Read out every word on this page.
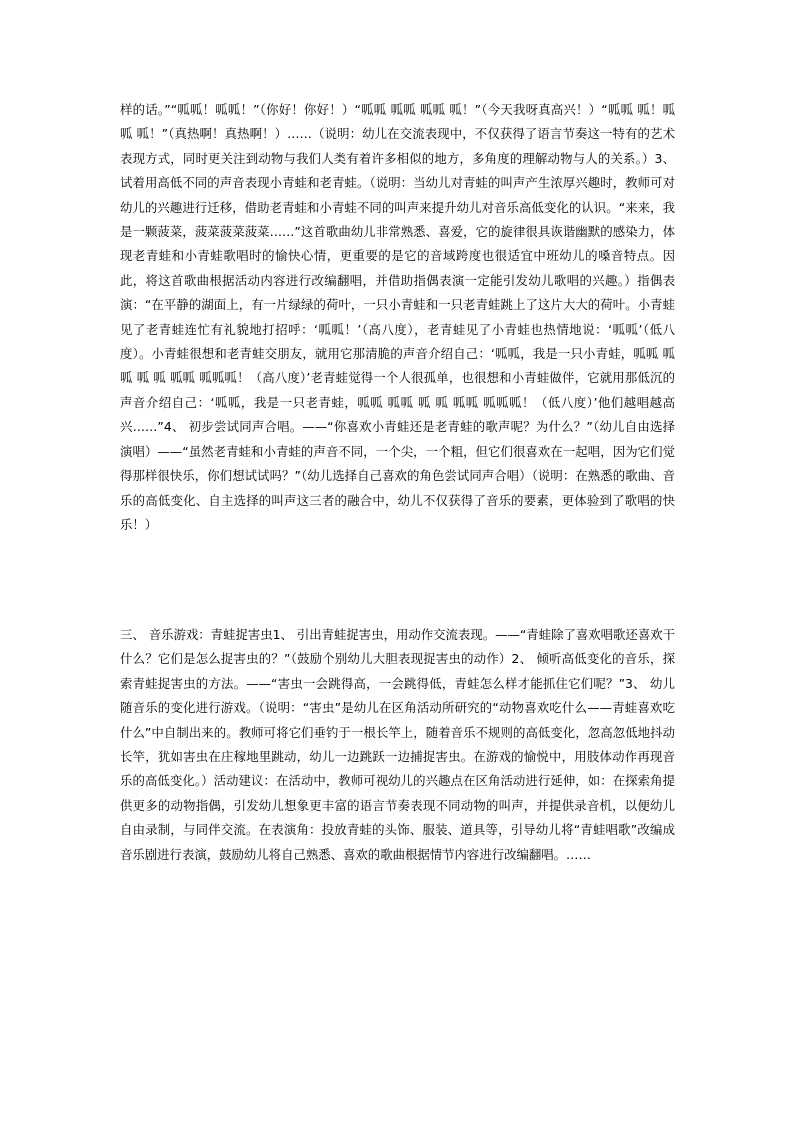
样的话。”“呱呱！呱呱！”（你好！你好！）“呱呱 呱呱 呱呱 呱！”（今天我呀真高兴！）“呱呱 呱！呱呱 呱！”（真热啊！真热啊！）……（说明：幼儿在交流表现中，不仅获得了语言节奏这一特有的艺术表现方式，同时更关注到动物与我们人类有着许多相似的地方，多角度的理解动物与人的关系。）3、 试着用高低不同的声音表现小青蛙和老青蛙。（说明：当幼儿对青蛙的叫声产生浓厚兴趣时，教师可对幼儿的兴趣进行迁移，借助老青蛙和小青蛙不同的叫声来提升幼儿对音乐高低变化的认识。“来来，我是一颗菠菜，菠菜菠菜菠菜……”这首歌曲幼儿非常熟悉、喜爱，它的旋律很具诙谐幽默的感染力，体现老青蛙和小青蛙歌唱时的愉快心情，更重要的是它的音域跨度也很适宜中班幼儿的嗓音特点。因此，将这首歌曲根据活动内容进行改编翻唱，并借助指偶表演一定能引发幼儿歌唱的兴趣。）指偶表演：“在平静的湖面上，有一片绿绿的荷叶，一只小青蛙和一只老青蛙跳上了这片大大的荷叶。小青蛙见了老青蛙连忙有礼貌地打招呼：‘呱呱！’（高八度），老青蛙见了小青蛙也热情地说：‘呱呱’（低八度）。小青蛙很想和老青蛙交朋友，就用它那清脆的声音介绍自己：‘呱呱，我是一只小青蛙，呱呱 呱呱 呱 呱 呱呱 呱呱呱！（高八度）’老青蛙觉得一个人很孤单，也很想和小青蛙做伴，它就用那低沉的声音介绍自己：‘呱呱，我是一只老青蛙，呱呱 呱呱 呱 呱 呱呱 呱呱呱！（低八度）’他们越唱越高兴……”4、 初步尝试同声合唱。——“你喜欢小青蛙还是老青蛙的歌声呢？为什么？”（幼儿自由选择演唱）——“虽然老青蛙和小青蛙的声音不同，一个尖，一个粗，但它们很喜欢在一起唱，因为它们觉得那样很快乐，你们想试试吗？”（幼儿选择自己喜欢的角色尝试同声合唱）（说明：在熟悉的歌曲、音乐的高低变化、自主选择的叫声这三者的融合中，幼儿不仅获得了音乐的要素，更体验到了歌唱的快乐！）

三、 音乐游戏：青蛙捉害虫1、 引出青蛙捉害虫，用动作交流表现。——“青蛙除了喜欢唱歌还喜欢干什么？它们是怎么捉害虫的？”（鼓励个别幼儿大胆表现捉害虫的动作）2、 倾听高低变化的音乐，探索青蛙捉害虫的方法。——“害虫一会跳得高，一会跳得低，青蛙怎么样才能抓住它们呢？”3、 幼儿随音乐的变化进行游戏。（说明：“害虫”是幼儿在区角活动所研究的“动物喜欢吃什么——青蛙喜欢吃什么”中自制出来的。教师可将它们垂钓于一根长竿上，随着音乐不规则的高低变化，忽高忽低地抖动长竿，犹如害虫在庄稼地里跳动，幼儿一边跳跃一边捕捉害虫。在游戏的愉悦中，用肢体动作再现音乐的高低变化。）活动建议：在活动中，教师可视幼儿的兴趣点在区角活动进行延伸，如：在探索角提供更多的动物指偶，引发幼儿想象更丰富的语言节奏表现不同动物的叫声，并提供录音机，以便幼儿自由录制，与同伴交流。在表演角：投放青蛙的头饰、服装、道具等，引导幼儿将“青蛙唱歌”改编成音乐剧进行表演，鼓励幼儿将自己熟悉、喜欢的歌曲根据情节内容进行改编翻唱。……
